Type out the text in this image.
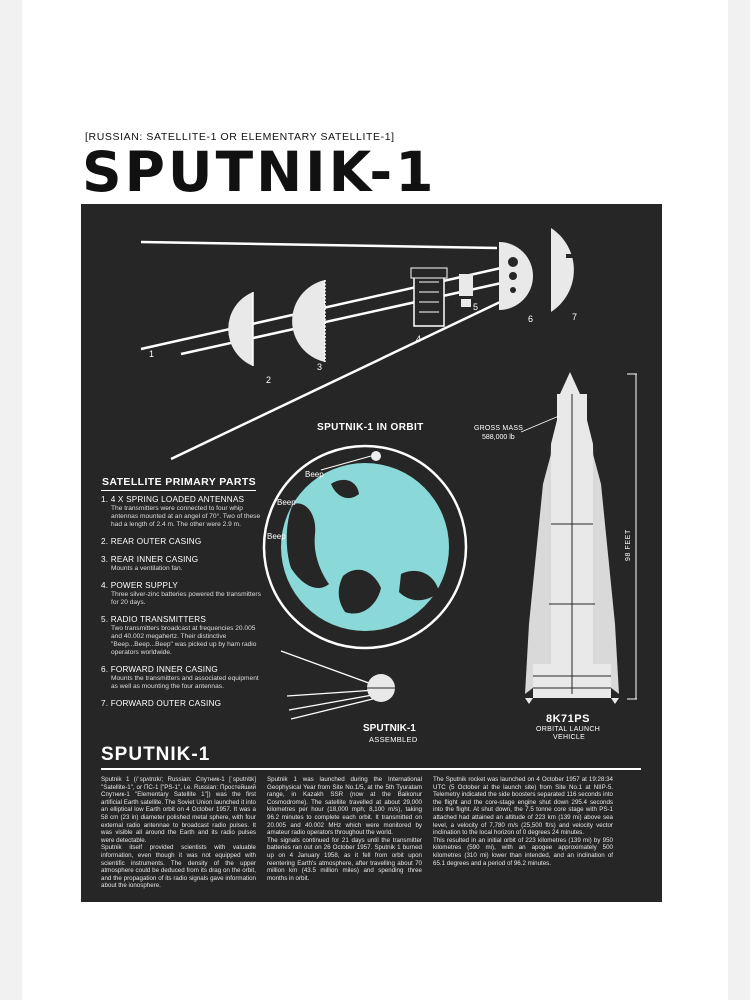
[RUSSIAN: SATELLITE-1 OR ELEMENTARY SATELLITE-1]
SPUTNIK-1
1
2
3
4
5
6	7
SATELLITE PRIMARY PARTS
1. 4 X SPRING LOADED ANTENNAS
The transmitters were connected to four whip antennas mounted at an angel of 70°. Two of these had a length of 2.4 m. The other were 2.9 m.
2. REAR OUTER CASING
3. REAR INNER CASING
Mounts a ventilation fan.
4. POWER SUPPLY
Three silver-zinc batteries powered the transmitters for 20 days.
5. RADIO TRANSMITTERS
Two transmitters broadcast at frequencies 20.005 and 40.002 megahertz. Their distinctive "Beep...Beep...Beep" was picked up by ham radio operators worldwide.
6. FORWARD INNER CASING
Mounts the transmitters and associated equipment as well as mounting the four antennas.
7. FORWARD OUTER CASING
SPUTNIK-1 IN ORBIT
Beep
Beep
Beep
SPUTNIK-1
ASSEMBLED
GROSS MASS
588,000 lb
98 FEET
8K71PS
ORBITAL LAUNCH
VEHICLE
SPUTNIK-1

Sputnik 1 (/ˈspʌtnɪk/; Russian: Спутник-1 [ˈsputnʲɪk] "Satellite-1", or ПС-1 ["PS-1", i.e. Russian: Простейший Спутник-1 "Elementary Satellite 1"]) was the first artificial Earth satellite. The Soviet Union launched it into an elliptical low Earth orbit on 4 October 1957. It was a 58 cm (23 in) diameter polished metal sphere, with four external radio antennae to broadcast radio pulses. It was visible all around the Earth and its radio pulses were detectable.

Sputnik itself provided scientists with valuable information, even though it was not equipped with scientific instruments. The density of the upper atmosphere could be deduced from its drag on the orbit, and the propagation of its radio signals gave information about the ionosphere.

Sputnik 1 was launched during the International Geophysical Year from Site No.1/5, at the 5th Tyuratam range, in Kazakh SSR (now at the Baikonur Cosmodrome). The satellite travelled at about 29,000 kilometres per hour (18,000 mph; 8,100 m/s), taking 96.2 minutes to complete each orbit. It transmitted on 20.005 and 40.002 MHz which were monitored by amateur radio operators throughout the world.

The signals continued for 21 days until the transmitter batteries ran out on 26 October 1957. Sputnik 1 burned up on 4 January 1958, as it fell from orbit upon reentering Earth's atmosphere, after travelling about 70 million km (43.5 million miles) and spending three months in orbit.

The Sputnik rocket was launched on 4 October 1957 at 19:28:34 UTC (5 October at the launch site) from Site No.1 at NIIP-5. Telemetry indicated the side boosters separated 116 seconds into the flight and the core-stage engine shut down 295.4 seconds into the flight. At shut down, the 7.5 tonne core stage with PS-1 attached had attained an altitude of 223 km (139 mi) above sea level, a velocity of 7,780 m/s (25,500 ft/s) and velocity vector inclination to the local horizon of 0 degrees 24 minutes.

This resulted in an initial orbit of 223 kilometres (139 mi) by 950 kilometres (590 mi), with an apogee approximately 500 kilometres (310 mi) lower than intended, and an inclination of 65.1 degrees and a period of 96.2 minutes.
